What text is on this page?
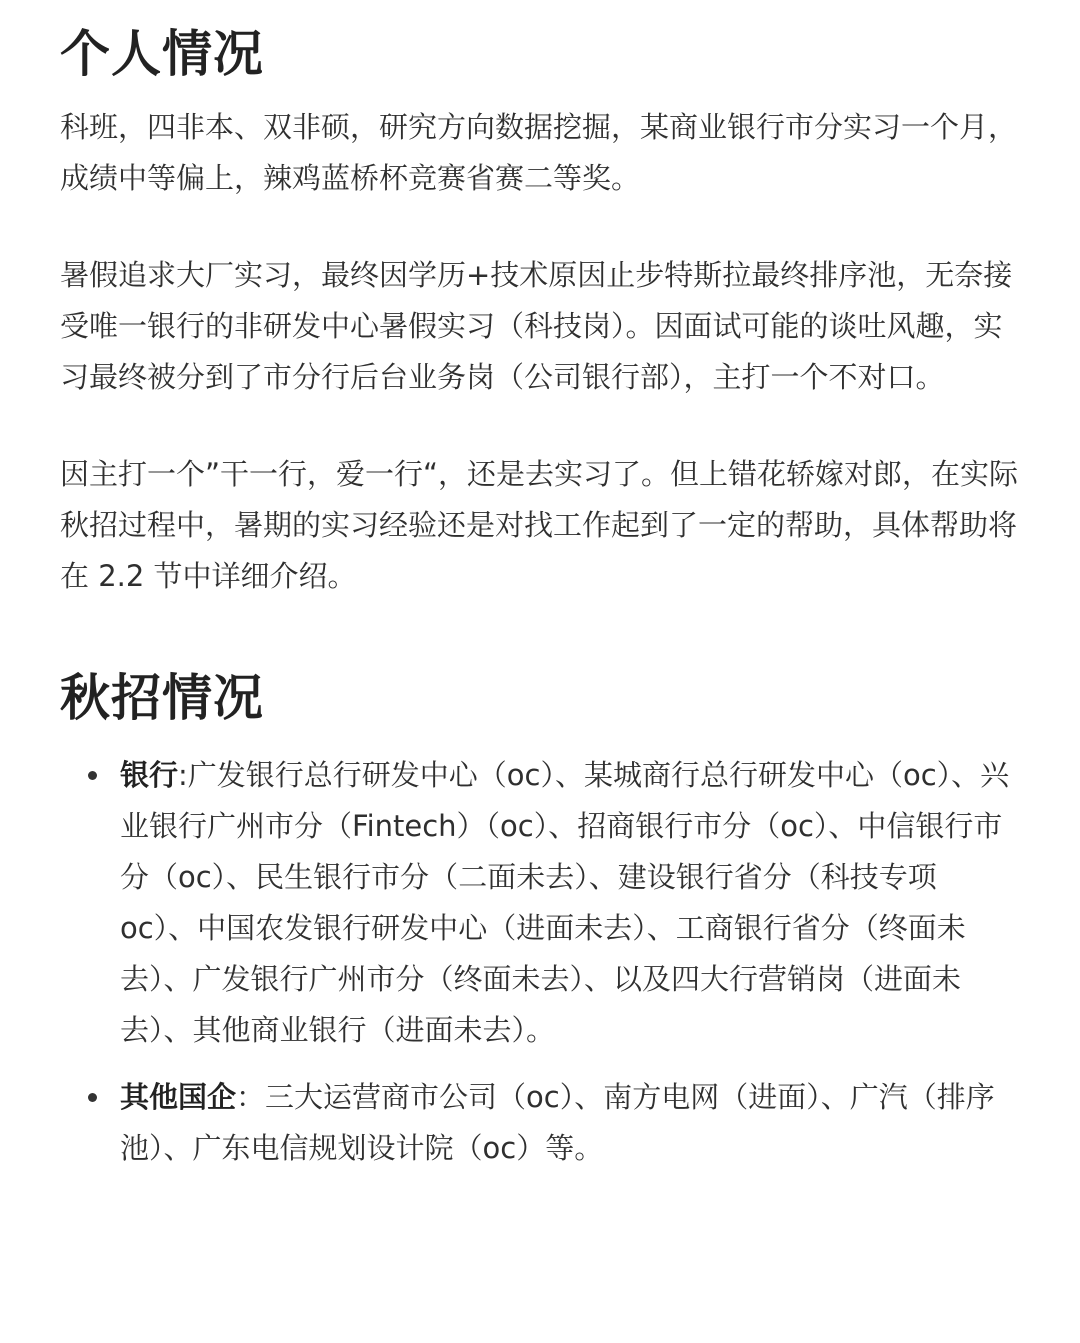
个人情况

科班，四非本、双非硕，研究方向数据挖掘，某商业银行市分实习一个月，成绩中等偏上，辣鸡蓝桥杯竞赛省赛二等奖。

暑假追求大厂实习，最终因学历+技术原因止步特斯拉最终排序池，无奈接受唯一银行的非研发中心暑假实习（科技岗）。因面试可能的谈吐风趣，实习最终被分到了市分行后台业务岗（公司银行部），主打一个不对口。

因主打一个”干一行，爱一行“，还是去实习了。但上错花轿嫁对郎，在实际秋招过程中，暑期的实习经验还是对找工作起到了一定的帮助，具体帮助将在 2.2 节中详细介绍。

秋招情况
银行:广发银行总行研发中心（oc）、某城商行总行研发中心（oc）、兴业银行广州市分（Fintech）（oc）、招商银行市分（oc）、中信银行市分（oc）、民生银行市分（二面未去）、建设银行省分（科技专项 oc）、中国农发银行研发中心（进面未去）、工商银行省分（终面未去）、广发银行广州市分（终面未去）、以及四大行营销岗（进面未去）、其他商业银行（进面未去）。
其他国企：三大运营商市公司（oc）、南方电网（进面）、广汽（排序池）、广东电信规划设计院（oc）等。
